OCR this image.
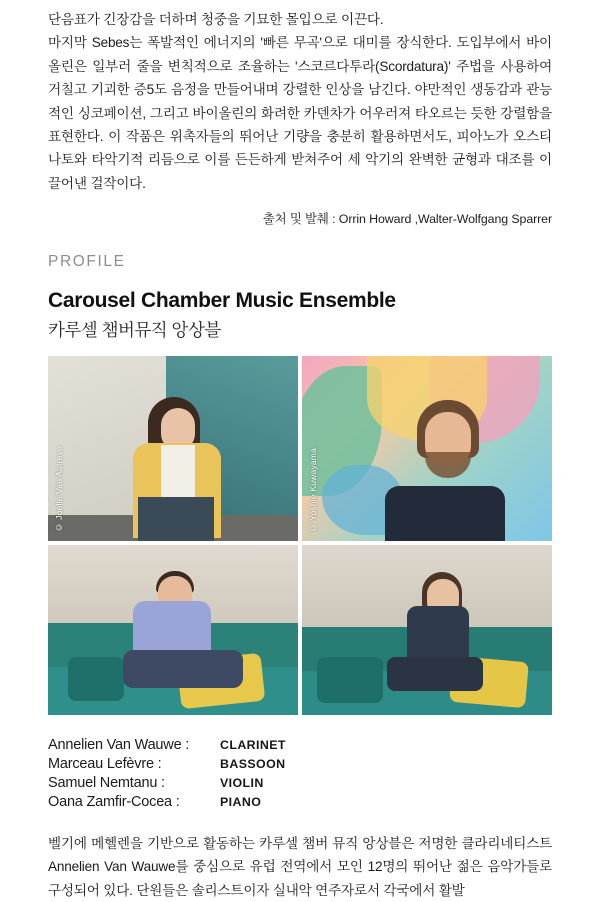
단음표가 긴장감을 더하며 청중을 기묘한 몰입으로 이끈다.

마지막 Sebes는 폭발적인 에너지의 '빠른 무곡'으로 대미를 장식한다. 도입부에서 바이올린은 일부러 줄을 변칙적으로 조율하는 '스코르다투라(Scordatura)' 주법을 사용하여 거칠고 기괴한 증5도 음정을 만들어내며 강렬한 인상을 남긴다. 야만적인 생동감과 관능적인 싱코페이션, 그리고 바이올린의 화려한 카덴차가 어우러져 타오르는 듯한 강렬함을 표현한다. 이 작품은 위촉자들의 뛰어난 기량을 충분히 활용하면서도, 피아노가 오스티나토와 타악기적 리듬으로 이를 든든하게 받쳐주어 세 악기의 완벽한 균형과 대조를 이끌어낸 걸작이다.

출처 및 발췌 : Orrin Howard ,Walter-Wolfgang Sparrer
PROFILE
Carousel Chamber Music Ensemble
카루셀 챔버뮤직 앙상블
© Joelle Van Autreve	© Yoshie Kuwayama
Annelien Van Wauwe :	CLARINET
Marceau Lefèvre :	BASSOON
Samuel Nemtanu :	VIOLIN
Oana Zamfir-Cocea :	PIANO

벨기에 메헬렌을 기반으로 활동하는 카루셀 챔버 뮤직 앙상블은 저명한 클라리네티스트 Annelien Van Wauwe를 중심으로 유럽 전역에서 모인 12명의 뛰어난 젊은 음악가들로 구성되어 있다. 단원들은 솔리스트이자 실내악 연주자로서 각국에서 활발
